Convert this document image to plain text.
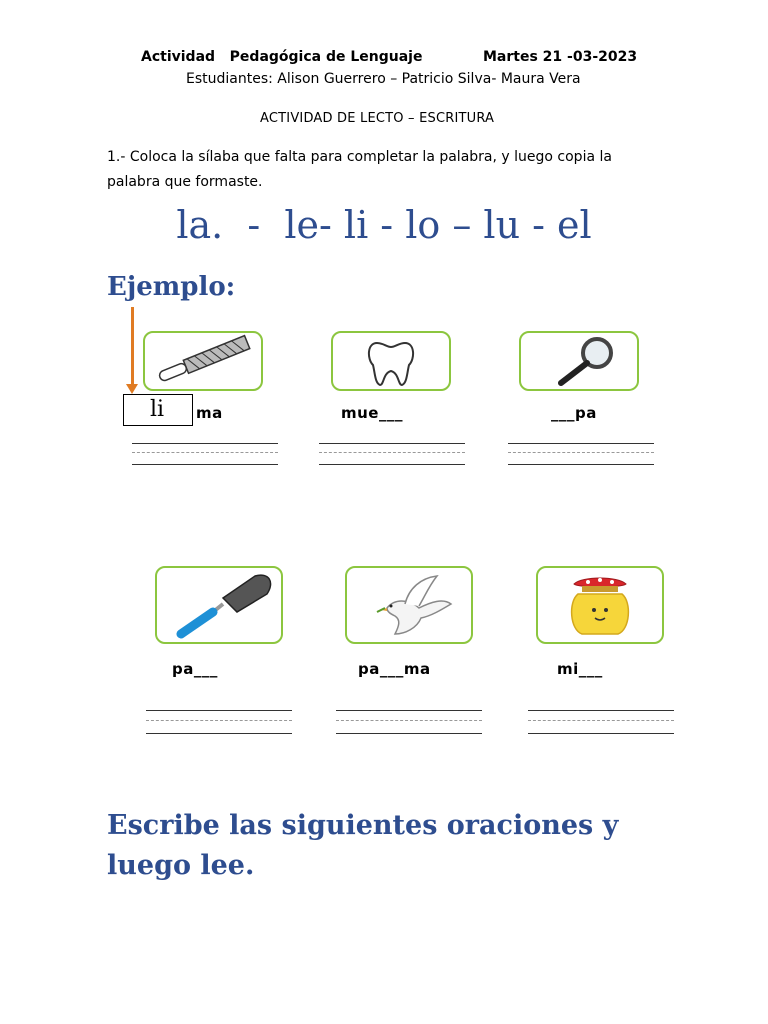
Actividad   Pedagógica de Lenguaje	Martes 21 -03-2023
Estudiantes: Alison Guerrero – Patricio Silva- Maura Vera
ACTIVIDAD DE LECTO – ESCRITURA
1.- Coloca la sílaba que falta para completar la palabra, y luego copia la palabra que formaste.
la.  -  le- li - lo – lu - el
Ejemplo:
li	ma	mue___	___pa
pa___	pa___ma	mi___
Escribe las siguientes oraciones y luego lee.
